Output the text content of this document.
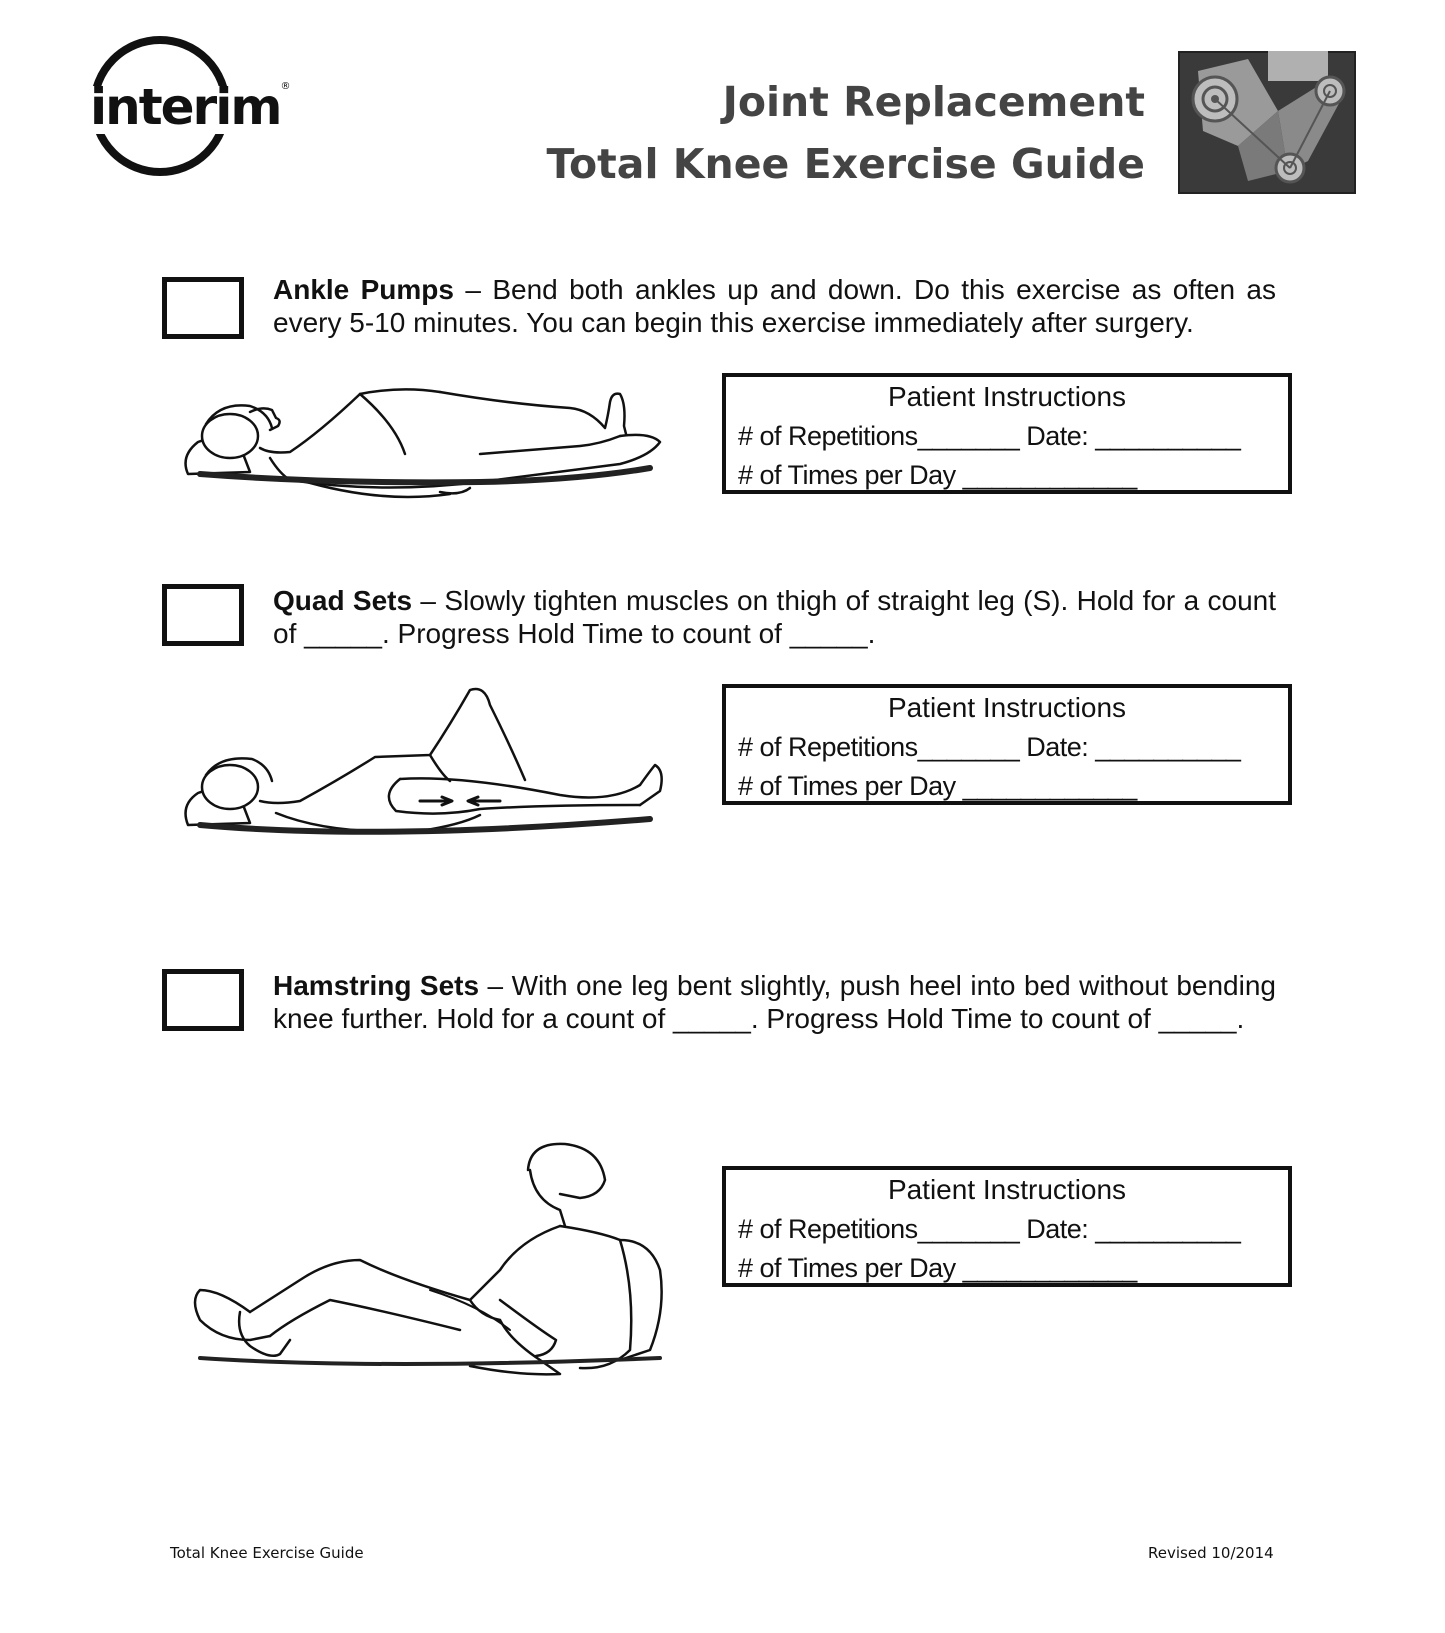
interim®	Joint Replacement
Total Knee Exercise Guide
Ankle Pumps – Bend both ankles up and down. Do this exercise as often as every 5-10 minutes. You can begin this exercise immediately after surgery.
Patient Instructions
# of Repetitions_______ Date: __________
# of Times per Day ____________
Quad Sets – Slowly tighten muscles on thigh of straight leg (S). Hold for a count of _____. Progress Hold Time to count of _____.
Patient Instructions
# of Repetitions_______ Date: __________
# of Times per Day ____________
Hamstring Sets – With one leg bent slightly, push heel into bed without bending knee further. Hold for a count of _____. Progress Hold Time to count of _____.
Patient Instructions
# of Repetitions_______ Date: __________
# of Times per Day ____________
Total Knee Exercise Guide	Revised 10/2014
